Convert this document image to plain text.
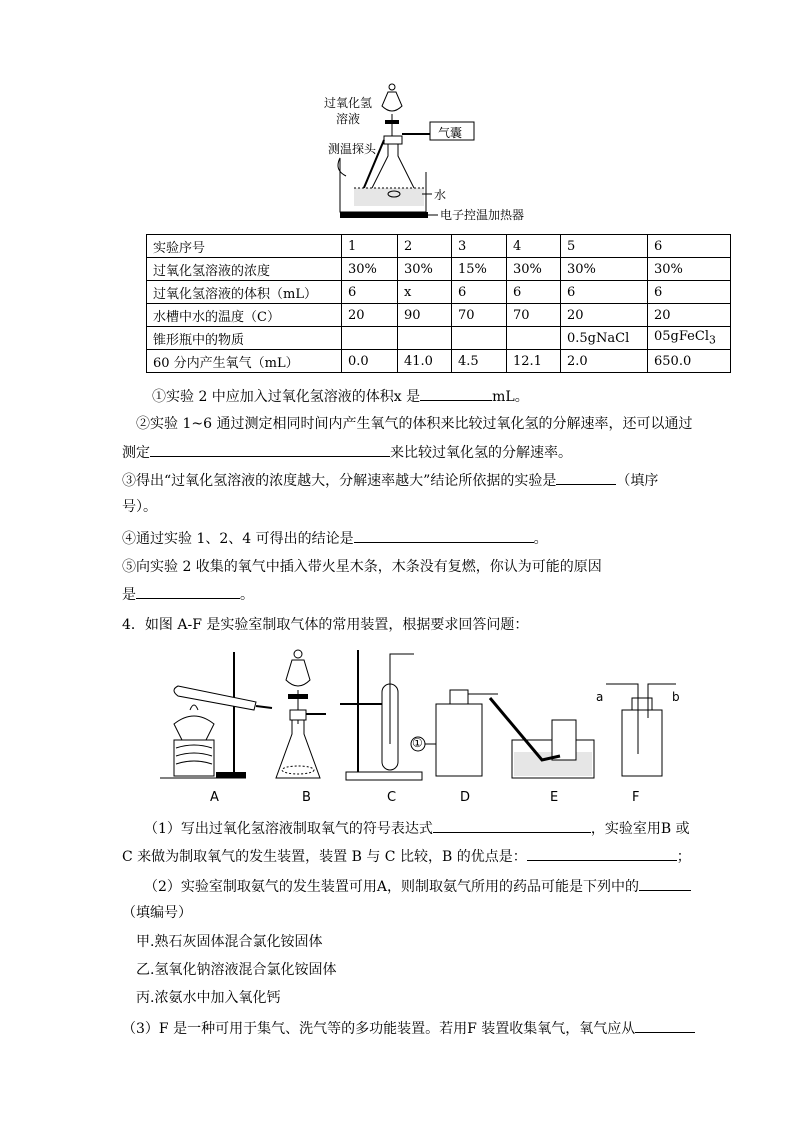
过氧化氢
溶液
气囊
测温探头
水
电子控温加热器
实验序号	1	2	3	4	5	6
过氧化氢溶液的浓度	30%	30%	15%	30%	30%	30%
过氧化氢溶液的体积（mL）	6	x	6	6	6	6
水槽中水的温度（C）	20	90	70	70	20	20
锥形瓶中的物质					0.5gNaCl	05gFeCl$_3$
60 分内产生氧气（mL）	0.0	41.0	4.5	12.1	2.0	650.0
①实验 2 中应加入过氧化氢溶液的体积x 是	mL。
②实验 1~6 通过测定相同时间内产生氧气的体积来比较过氧化氢的分解速率，还可以通过
测定	来比较过氧化氢的分解速率。
③得出“过氧化氢溶液的浓度越大，分解速率越大”结论所依据的实验是	（填序
号）。
④通过实验 1、2、4 可得出的结论是	。
⑤向实验 2 收集的氧气中插入带火星木条，木条没有复燃，你认为可能的原因
是	。
4．如图 A-F 是实验室制取气体的常用装置，根据要求回答问题：
①
a	b
A	B	C	D	E	F
（1）写出过氧化氢溶液制取氧气的符号表达式	，实验室用B 或
C 来做为制取氧气的发生装置，装置 B 与 C 比较，B 的优点是：	；
（2）实验室制取氨气的发生装置可用A，则制取氨气所用的药品可能是下列中的
（填编号）
甲.熟石灰固体混合氯化铵固体
乙.氢氧化钠溶液混合氯化铵固体
丙.浓氨水中加入氧化钙
（3）F 是一种可用于集气、洗气等的多功能装置。若用F 装置收集氧气，氧气应从
